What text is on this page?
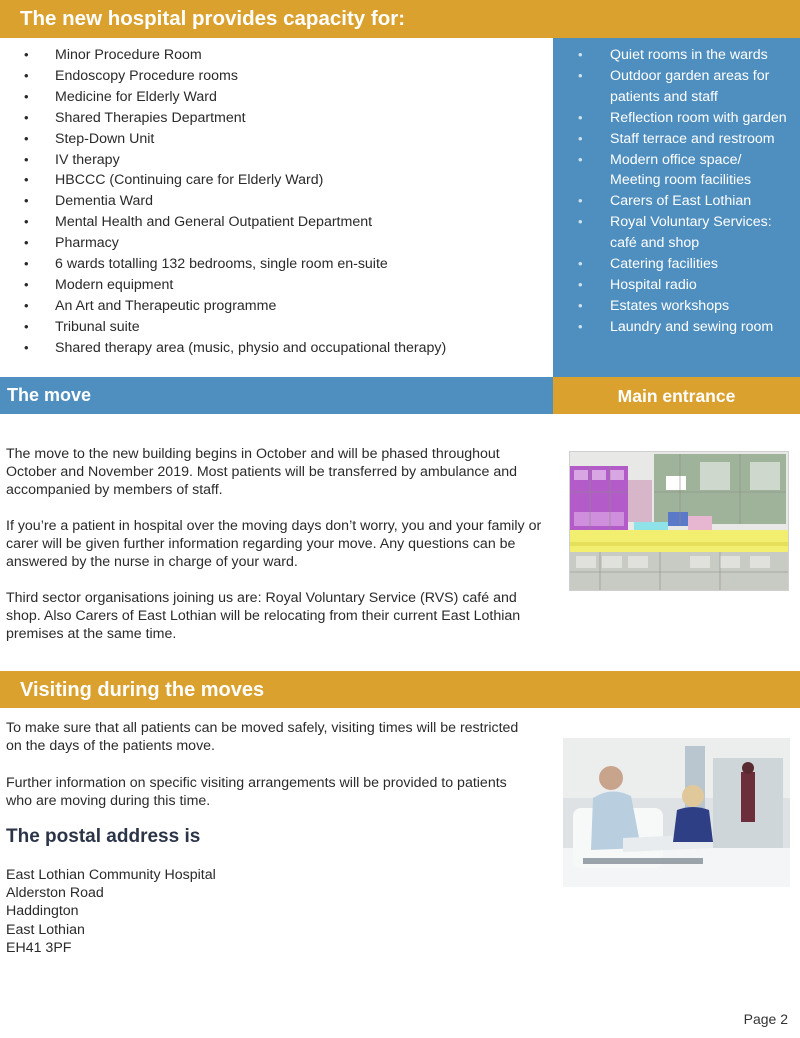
The new hospital provides capacity for:
• Minor Procedure Room
• Endoscopy Procedure rooms
• Medicine for Elderly Ward
• Shared Therapies Department
• Step-Down Unit
• IV therapy
• HBCCC (Continuing care for Elderly Ward)
• Dementia Ward
• Mental Health and General Outpatient Department
• Pharmacy
• 6 wards totalling 132 bedrooms, single room en-suite
• Modern equipment
• An Art and Therapeutic programme
• Tribunal suite
• Shared therapy area (music, physio and occupational therapy)
• Quiet rooms in the wards
• Outdoor garden areas for patients and staff
• Reflection room with garden
• Staff terrace and restroom
• Modern office space/ Meeting room facilities
• Carers of East Lothian
• Royal Voluntary Services: café and shop
• Catering facilities
• Hospital radio
• Estates workshops
• Laundry and sewing room
The move	Main entrance
The move to the new building begins in October and will be phased throughout October and November 2019. Most patients will be transferred by ambulance and accompanied by members of staff.
If you’re a patient in hospital over the moving days don’t worry, you and your family or carer will be given further information regarding your move. Any questions can be answered by the nurse in charge of your ward.
Third sector organisations joining us are: Royal Voluntary Service (RVS) café and shop. Also Carers of East Lothian will be relocating from their current East Lothian premises at the same time.
Visiting during the moves
To make sure that all patients can be moved safely, visiting times will be restricted on the days of the patients move.
Further information on specific visiting arrangements will be provided to patients who are moving during this time.
The postal address is
East Lothian Community Hospital
Alderston Road
Haddington
East Lothian
EH41 3PF
Page 2
